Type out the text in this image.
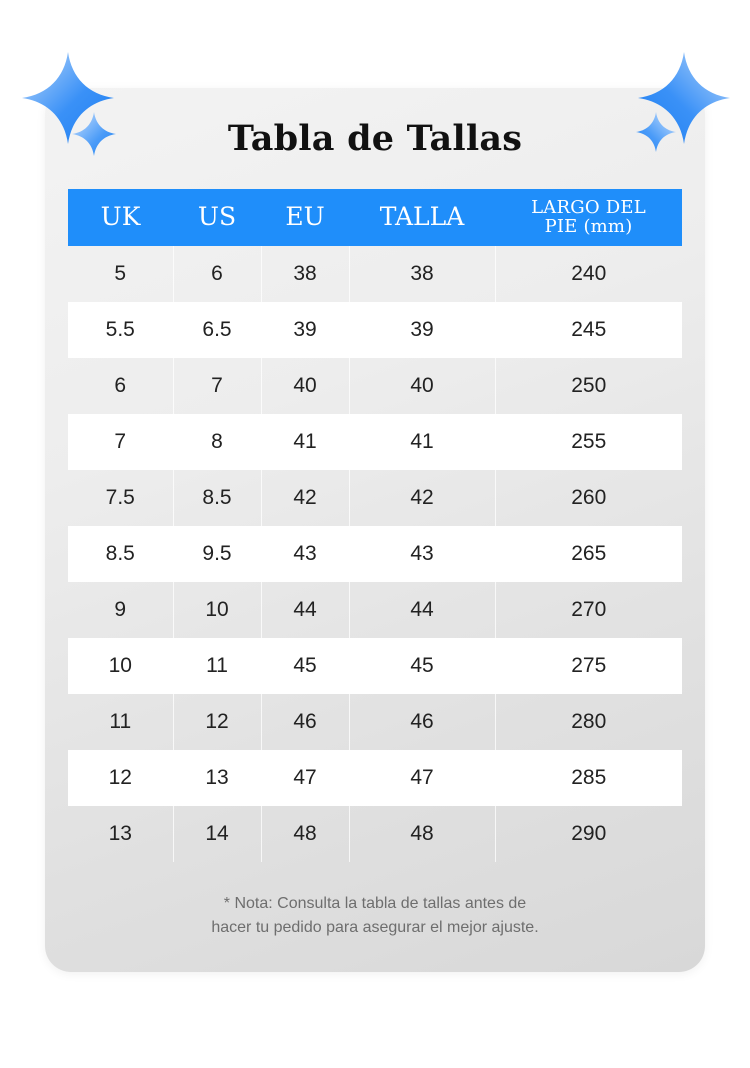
Tabla de Tallas
UK	US	EU	TALLA	LARGO DEL
PIE (mm)

5	6	38	38	240
5.5	6.5	39	39	245
6	7	40	40	250
7	8	41	41	255
7.5	8.5	42	42	260
8.5	9.5	43	43	265
9	10	44	44	270
10	11	45	45	275
11	12	46	46	280
12	13	47	47	285
13	14	48	48	290
* Nota: Consulta la tabla de tallas antes de
hacer tu pedido para asegurar el mejor ajuste.
